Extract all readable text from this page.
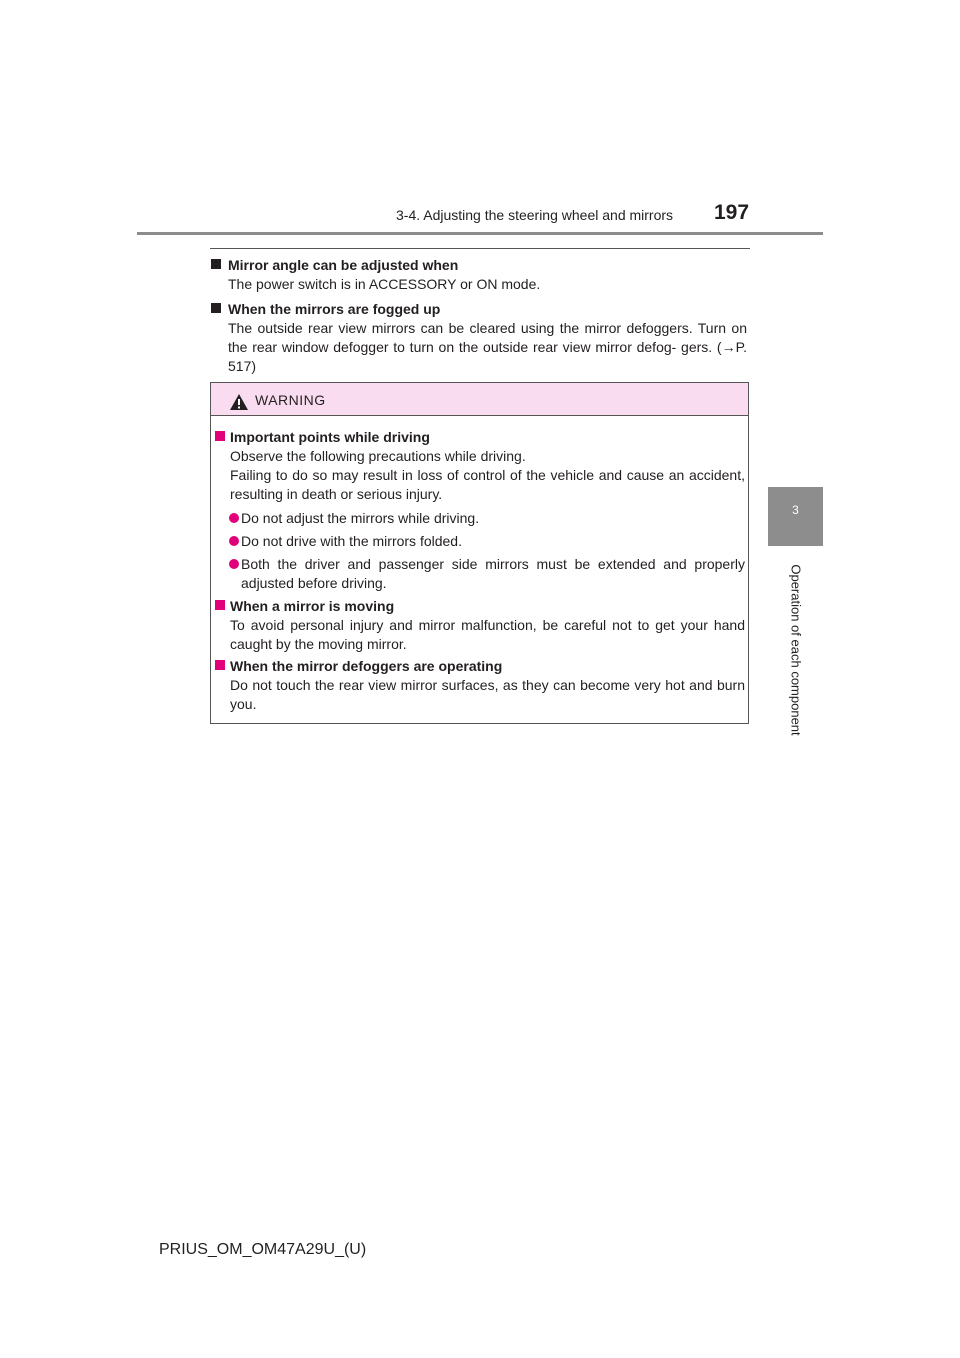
3-4. Adjusting the steering wheel and mirrors 197
3
Operation of each component
Mirror angle can be adjusted when
The power switch is in ACCESSORY or ON mode.
When the mirrors are fogged up
The outside rear view mirrors can be cleared using the mirror defoggers. Turn on the rear window defogger to turn on the outside rear view mirror defog- gers. (→P. 517)
WARNING
Important points while driving
Observe the following precautions while driving.
Failing to do so may result in loss of control of the vehicle and cause an accident, resulting in death or serious injury.
Do not adjust the mirrors while driving.
Do not drive with the mirrors folded.
Both the driver and passenger side mirrors must be extended and properly adjusted before driving.
When a mirror is moving
To avoid personal injury and mirror malfunction, be careful not to get your hand caught by the moving mirror.
When the mirror defoggers are operating
Do not touch the rear view mirror surfaces, as they can become very hot and burn you.
PRIUS_OM_OM47A29U_(U)
